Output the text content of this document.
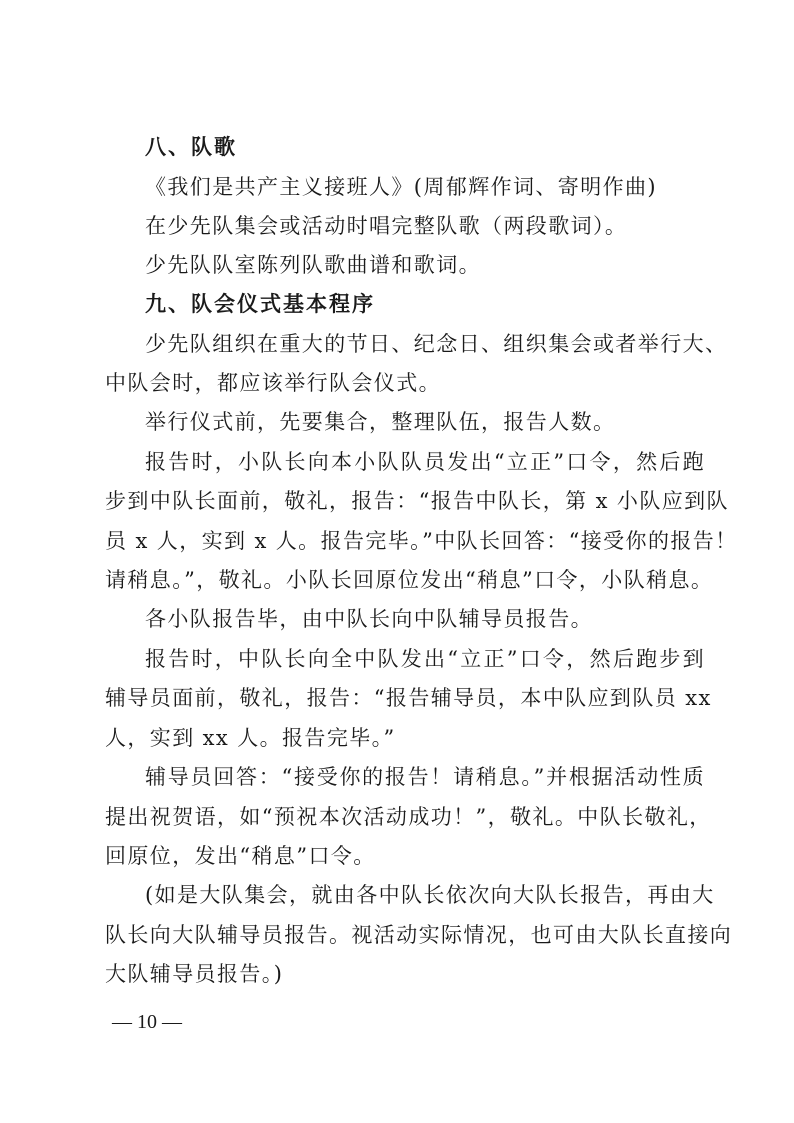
八、队歌
《我们是共产主义接班人》(周郁辉作词、寄明作曲)
在少先队集会或活动时唱完整队歌（两段歌词）。
少先队队室陈列队歌曲谱和歌词。
九、队会仪式基本程序
少先队组织在重大的节日、纪念日、组织集会或者举行大、
中队会时，都应该举行队会仪式。
举行仪式前，先要集合，整理队伍，报告人数。
报告时，小队长向本小队队员发出“立正”口令，然后跑
步到中队长面前，敬礼，报告：“报告中队长，第 x 小队应到队
员 x 人，实到 x 人。报告完毕。”中队长回答：“接受你的报告！
请稍息。”，敬礼。小队长回原位发出“稍息”口令，小队稍息。
各小队报告毕，由中队长向中队辅导员报告。
报告时，中队长向全中队发出“立正”口令，然后跑步到
辅导员面前，敬礼，报告：“报告辅导员，本中队应到队员 xx
人，实到 xx 人。报告完毕。”
辅导员回答：“接受你的报告！请稍息。”并根据活动性质
提出祝贺语，如“预祝本次活动成功！”，敬礼。中队长敬礼，
回原位，发出“稍息”口令。
(如是大队集会，就由各中队长依次向大队长报告，再由大
队长向大队辅导员报告。视活动实际情况，也可由大队长直接向
大队辅导员报告。)
— 10 —
